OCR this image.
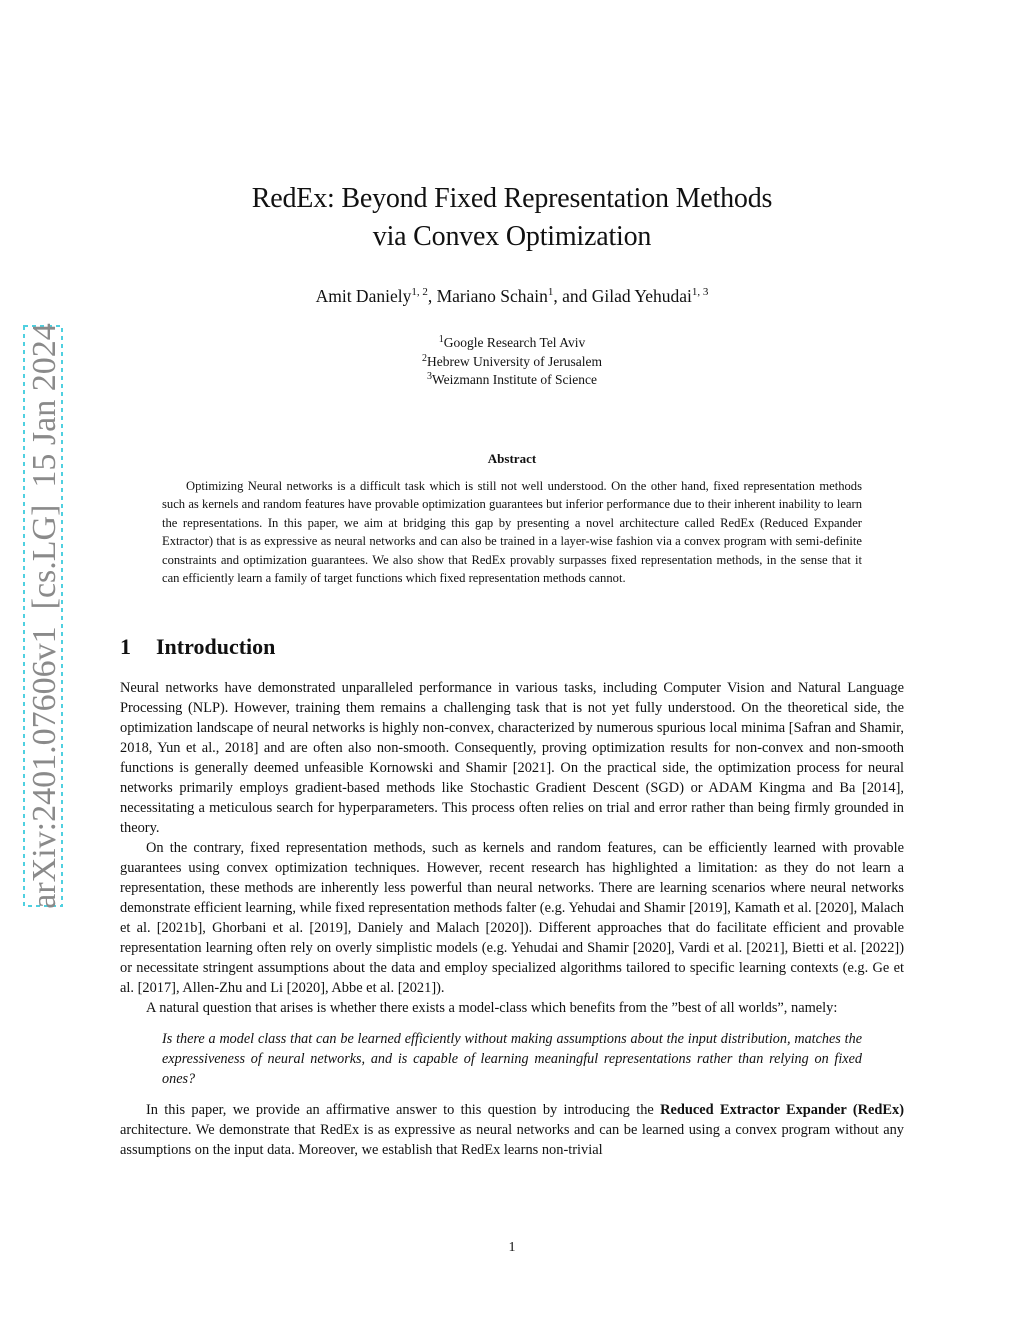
arXiv:2401.07606v1  [cs.LG]  15 Jan 2024
RedEx: Beyond Fixed Representation Methods
via Convex Optimization
Amit Daniely$^{1, 2}$, Mariano Schain$^1$, and Gilad Yehudai$^{1, 3}$
$^1$Google Research Tel Aviv
$^2$Hebrew University of Jerusalem
$^3$Weizmann Institute of Science
Abstract

Optimizing Neural networks is a difficult task which is still not well understood. On the other hand, fixed representation methods such as kernels and random features have provable optimization guarantees but inferior performance due to their inherent inability to learn the representations. In this paper, we aim at bridging this gap by presenting a novel architecture called RedEx (Reduced Expander Extractor) that is as expressive as neural networks and can also be trained in a layer-wise fashion via a convex program with semi-definite constraints and optimization guarantees. We also show that RedEx provably surpasses fixed representation methods, in the sense that it can efficiently learn a family of target functions which fixed representation methods cannot.

1 Introduction

Neural networks have demonstrated unparalleled performance in various tasks, including Computer Vision and Natural Language Processing (NLP). However, training them remains a challenging task that is not yet fully understood. On the theoretical side, the optimization landscape of neural networks is highly non-convex, characterized by numerous spurious local minima [Safran and Shamir, 2018, Yun et al., 2018] and are often also non-smooth. Consequently, proving optimization results for non-convex and non-smooth functions is generally deemed unfeasible Kornowski and Shamir [2021]. On the practical side, the optimization process for neural networks primarily employs gradient-based methods like Stochastic Gradient Descent (SGD) or ADAM Kingma and Ba [2014], necessitating a meticulous search for hyperparameters. This process often relies on trial and error rather than being firmly grounded in theory.

On the contrary, fixed representation methods, such as kernels and random features, can be efficiently learned with provable guarantees using convex optimization techniques. However, recent research has highlighted a limitation: as they do not learn a representation, these methods are inherently less powerful than neural networks. There are learning scenarios where neural networks demonstrate efficient learning, while fixed representation methods falter (e.g. Yehudai and Shamir [2019], Kamath et al. [2020], Malach et al. [2021b], Ghorbani et al. [2019], Daniely and Malach [2020]). Different approaches that do facilitate efficient and provable representation learning often rely on overly simplistic models (e.g. Yehudai and Shamir [2020], Vardi et al. [2021], Bietti et al. [2022]) or necessitate stringent assumptions about the data and employ specialized algorithms tailored to specific learning contexts (e.g. Ge et al. [2017], Allen-Zhu and Li [2020], Abbe et al. [2021]).

A natural question that arises is whether there exists a model-class which benefits from the ”best of all worlds”, namely:

Is there a model class that can be learned efficiently without making assumptions about the input distribution, matches the expressiveness of neural networks, and is capable of learning meaningful representations rather than relying on fixed ones?

In this paper, we provide an affirmative answer to this question by introducing the Reduced Extractor Expander (RedEx) architecture. We demonstrate that RedEx is as expressive as neural networks and can be learned using a convex program without any assumptions on the input data. Moreover, we establish that RedEx learns non-trivial

1
